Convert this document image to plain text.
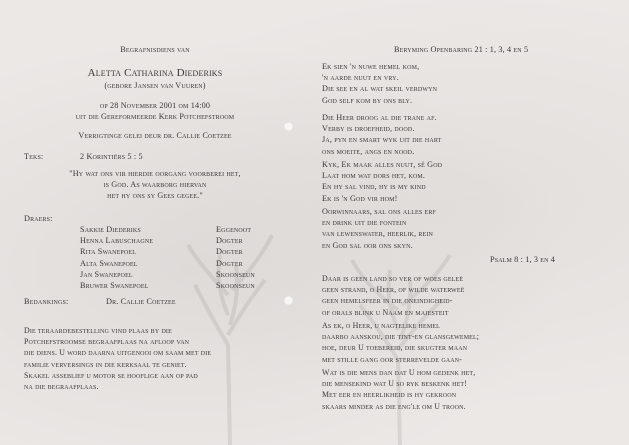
Begrafnisdiens van
Aletta Catharina Diederiks
(gebore Jansen van Vuuren)
op 28 November 2001 om 14:00
uit die Gereformeerde Kerk Potchefstroom
Verrigtinge gelei deur dr. Callie Coetzee
Teks:	2 Korintiërs 5 : 5
"Hy wat ons vir hierdie oorgang voorberei het,
is God. As waarborg hiervan
het hy ons sy Gees gegee."
Draers:
Sakkie Diederiks
Henna Labuschagne
Rita Swanepoel
Alta Swanepoel
Jan Swanepoel
Bruwer Swanepoel
Eggenoot
Dogter
Dogter
Dogter
Skoonseun
Skoonseun
Bedankings:	Dr. Callie Coetzee
Die teraardebestelling vind plaas by die
Potchefstroomse begraafplaas na afloop van
die diens. U word daarna uitgenooi om saam met die
familie verversings in die kerksaal te geniet.
Skakel asseblief u motor se hooflige aan op pad
na die begraafplaas.
Beryming Openbaring 21 : 1, 3, 4 en 5
Ek sien 'n nuwe hemel kom,
'n aarde nuut en vry.
Die see en al wat skeil verdwyn
God self kom by ons bly.
Die Heer droog al die trane af.
Verby is droefheid, dood.
Ja, pyn en smart wyk uit die hart
ons moeite, angs en nood.
Kyk, Ek maak alles nuut, sê God
Laat hom wat dors het, kom.
En hy sal vind, hy is my kind
Ek is 'n God vir hom!
Oorwinnaars, sal ons alles erf
en drink uit die fontein
van lewenswater, heerlik, rein
en God sal oor ons skyn.
Psalm 8 : 1, 3 en 4
Daar is geen land so ver of woes geleë
geen strand, o Heer, of wilde waterweë
geen hemelsfeer in die oneindigheid-
of orals blink u Naam en majesteit
As ek, o Heer, u nagtelike hemel
daarbo aanskou, die tint-en glansgewemel;
hoe, deur U toebereid, die skugter maan
met stille gang oor sterrevelde gaan-
Wat is die mens dan dat U hom gedenk het,
die mensekind wat U so ryk beskenk het!
Met eer en heerlikheid is hy gekroon
skaars minder as die eng'le om U troon.
